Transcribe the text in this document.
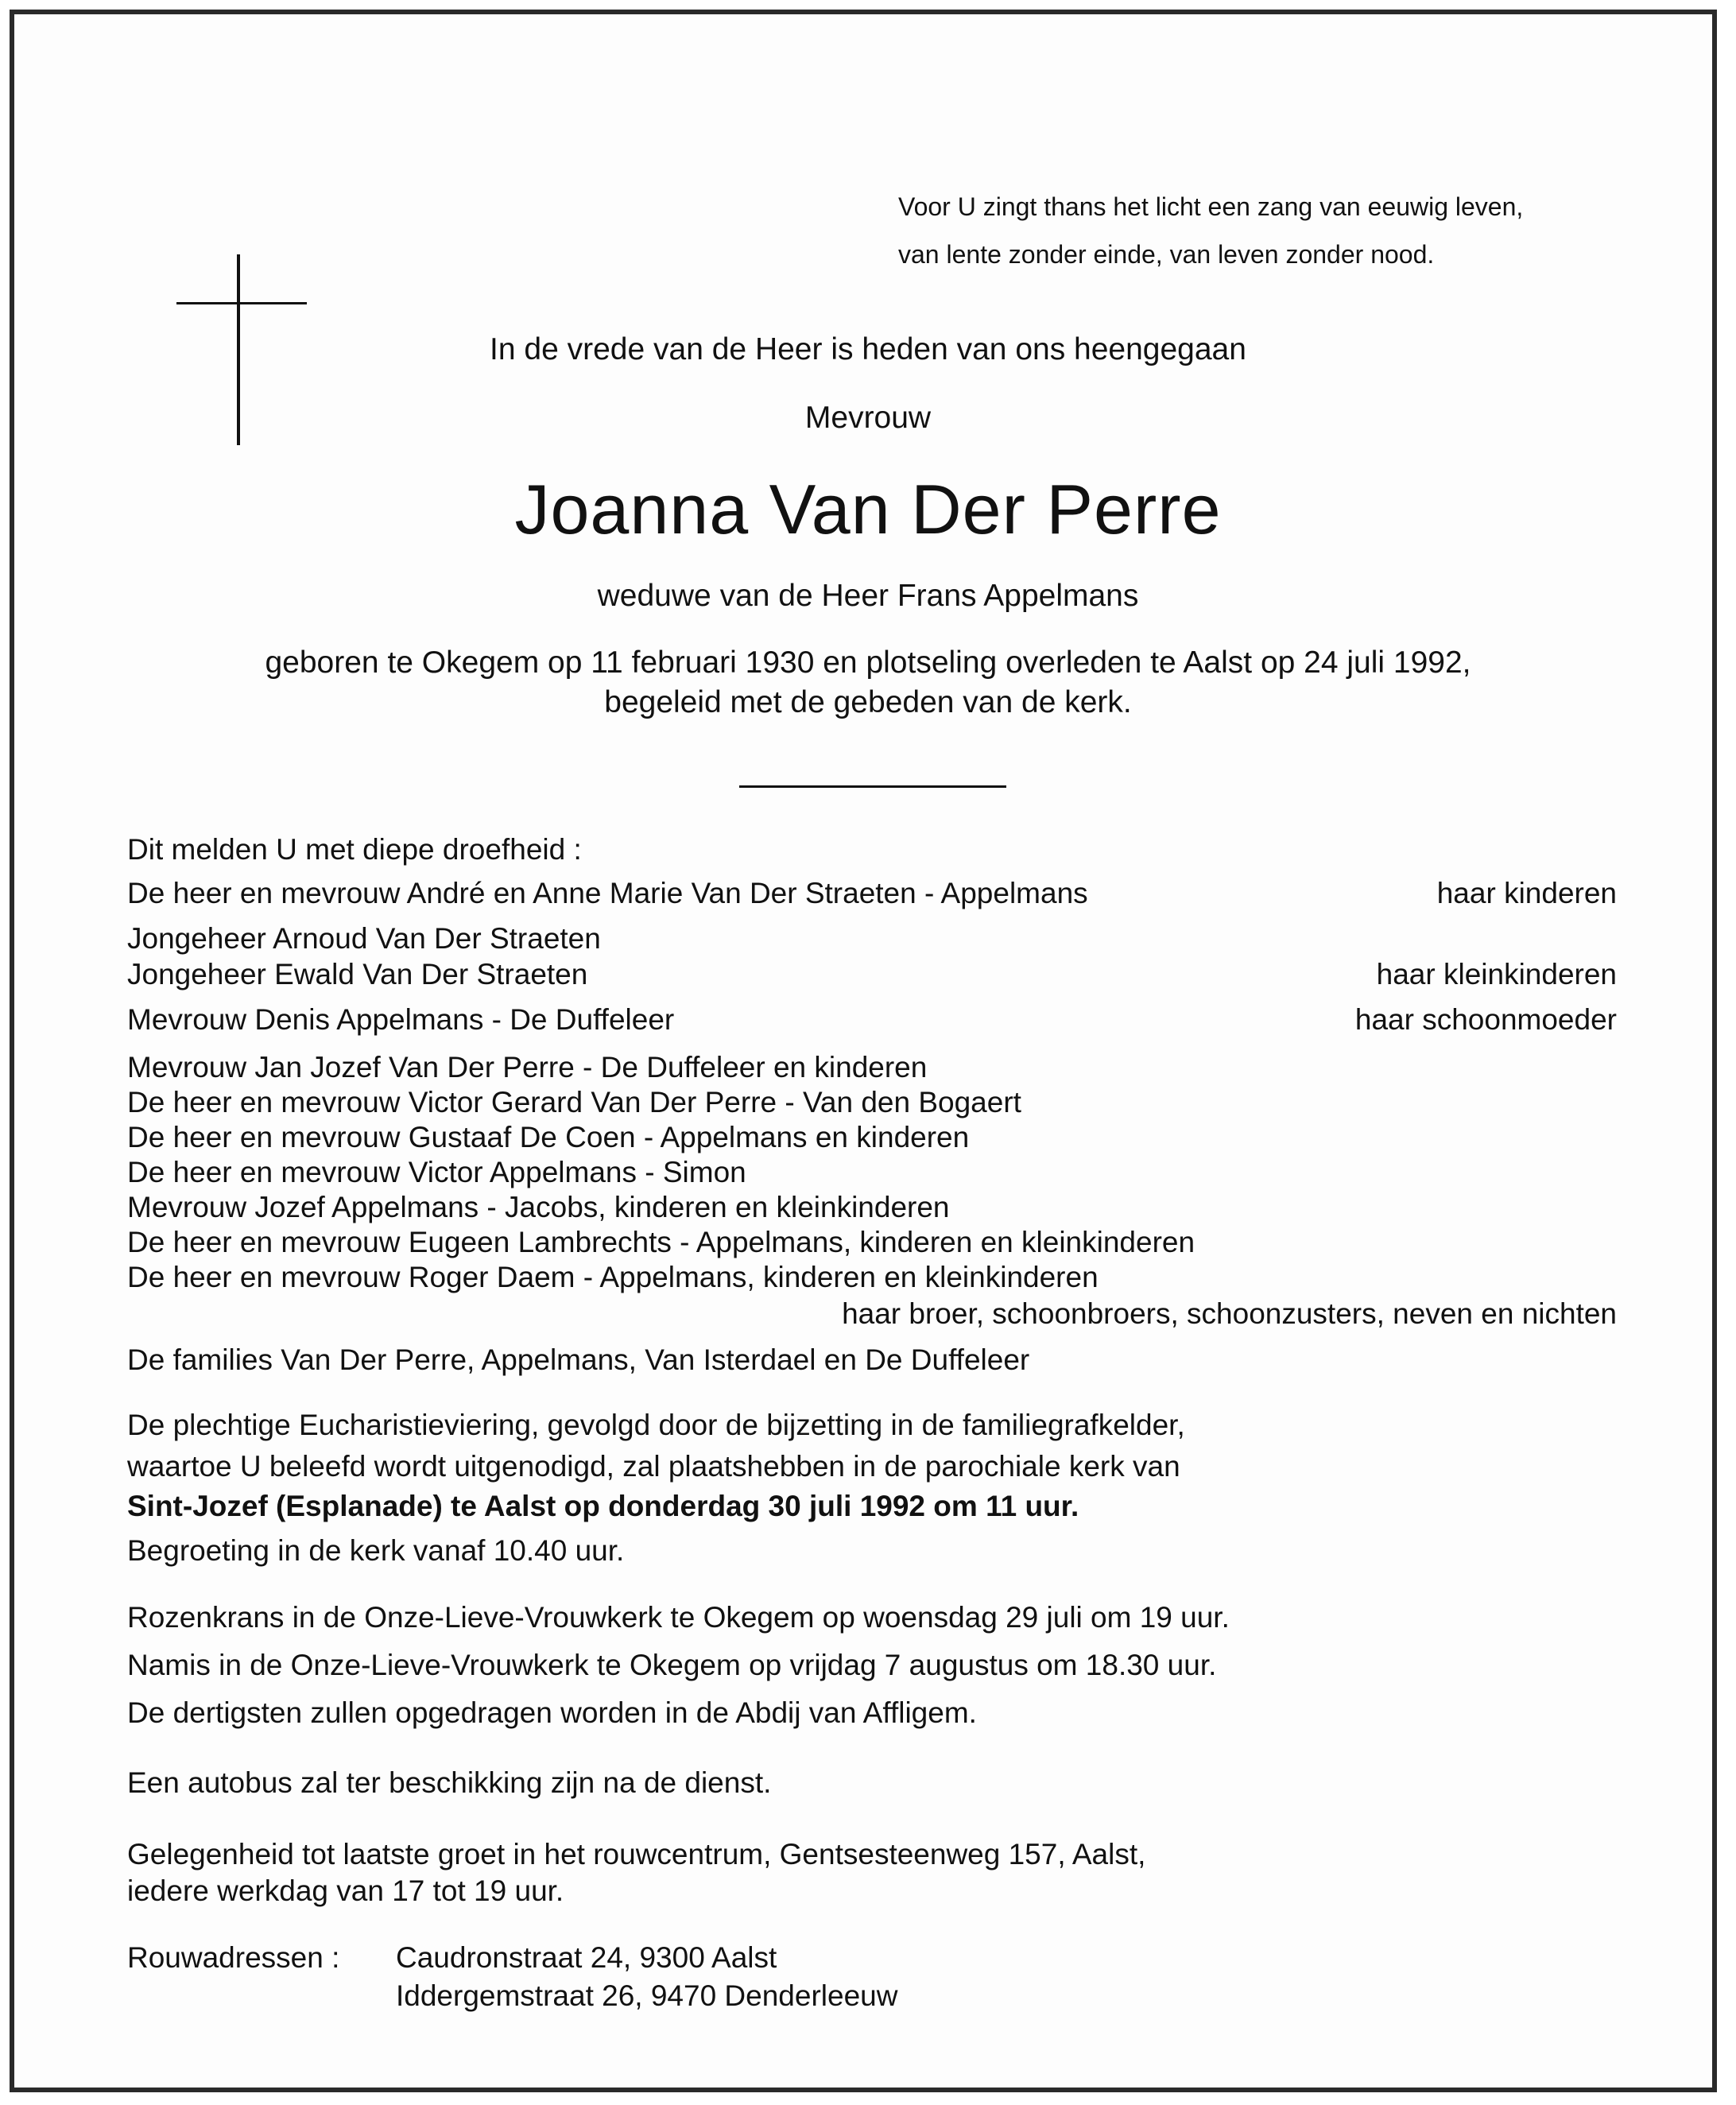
Voor U zingt thans het licht een zang van eeuwig leven,
van lente zonder einde, van leven zonder nood.
In de vrede van de Heer is heden van ons heengegaan
Mevrouw
Joanna Van Der Perre
weduwe van de Heer Frans Appelmans
geboren te Okegem op 11 februari 1930 en plotseling overleden te Aalst op 24 juli 1992,
begeleid met de gebeden van de kerk.
Dit melden U met diepe droefheid :
De heer en mevrouw André en Anne Marie Van Der Straeten - Appelmans	haar kinderen
Jongeheer Arnoud Van Der Straeten
Jongeheer Ewald Van Der Straeten	haar kleinkinderen
Mevrouw Denis Appelmans - De Duffeleer	haar schoonmoeder
Mevrouw Jan Jozef Van Der Perre - De Duffeleer en kinderen
De heer en mevrouw Victor Gerard Van Der Perre - Van den Bogaert
De heer en mevrouw Gustaaf De Coen - Appelmans en kinderen
De heer en mevrouw Victor Appelmans - Simon
Mevrouw Jozef Appelmans - Jacobs, kinderen en kleinkinderen
De heer en mevrouw Eugeen Lambrechts - Appelmans, kinderen en kleinkinderen
De heer en mevrouw Roger Daem - Appelmans, kinderen en kleinkinderen
haar broer, schoonbroers, schoonzusters, neven en nichten
De families Van Der Perre, Appelmans, Van Isterdael en De Duffeleer
De plechtige Eucharistieviering, gevolgd door de bijzetting in de familiegrafkelder,
waartoe U beleefd wordt uitgenodigd, zal plaatshebben in de parochiale kerk van
Sint-Jozef (Esplanade) te Aalst op donderdag 30 juli 1992 om 11 uur.
Begroeting in de kerk vanaf 10.40 uur.
Rozenkrans in de Onze-Lieve-Vrouwkerk te Okegem op woensdag 29 juli om 19 uur.
Namis in de Onze-Lieve-Vrouwkerk te Okegem op vrijdag 7 augustus om 18.30 uur.
De dertigsten zullen opgedragen worden in de Abdij van Affligem.
Een autobus zal ter beschikking zijn na de dienst.
Gelegenheid tot laatste groet in het rouwcentrum, Gentsesteenweg 157, Aalst,
iedere werkdag van 17 tot 19 uur.
Rouwadressen : Caudronstraat 24, 9300 Aalst
Iddergemstraat 26, 9470 Denderleeuw
